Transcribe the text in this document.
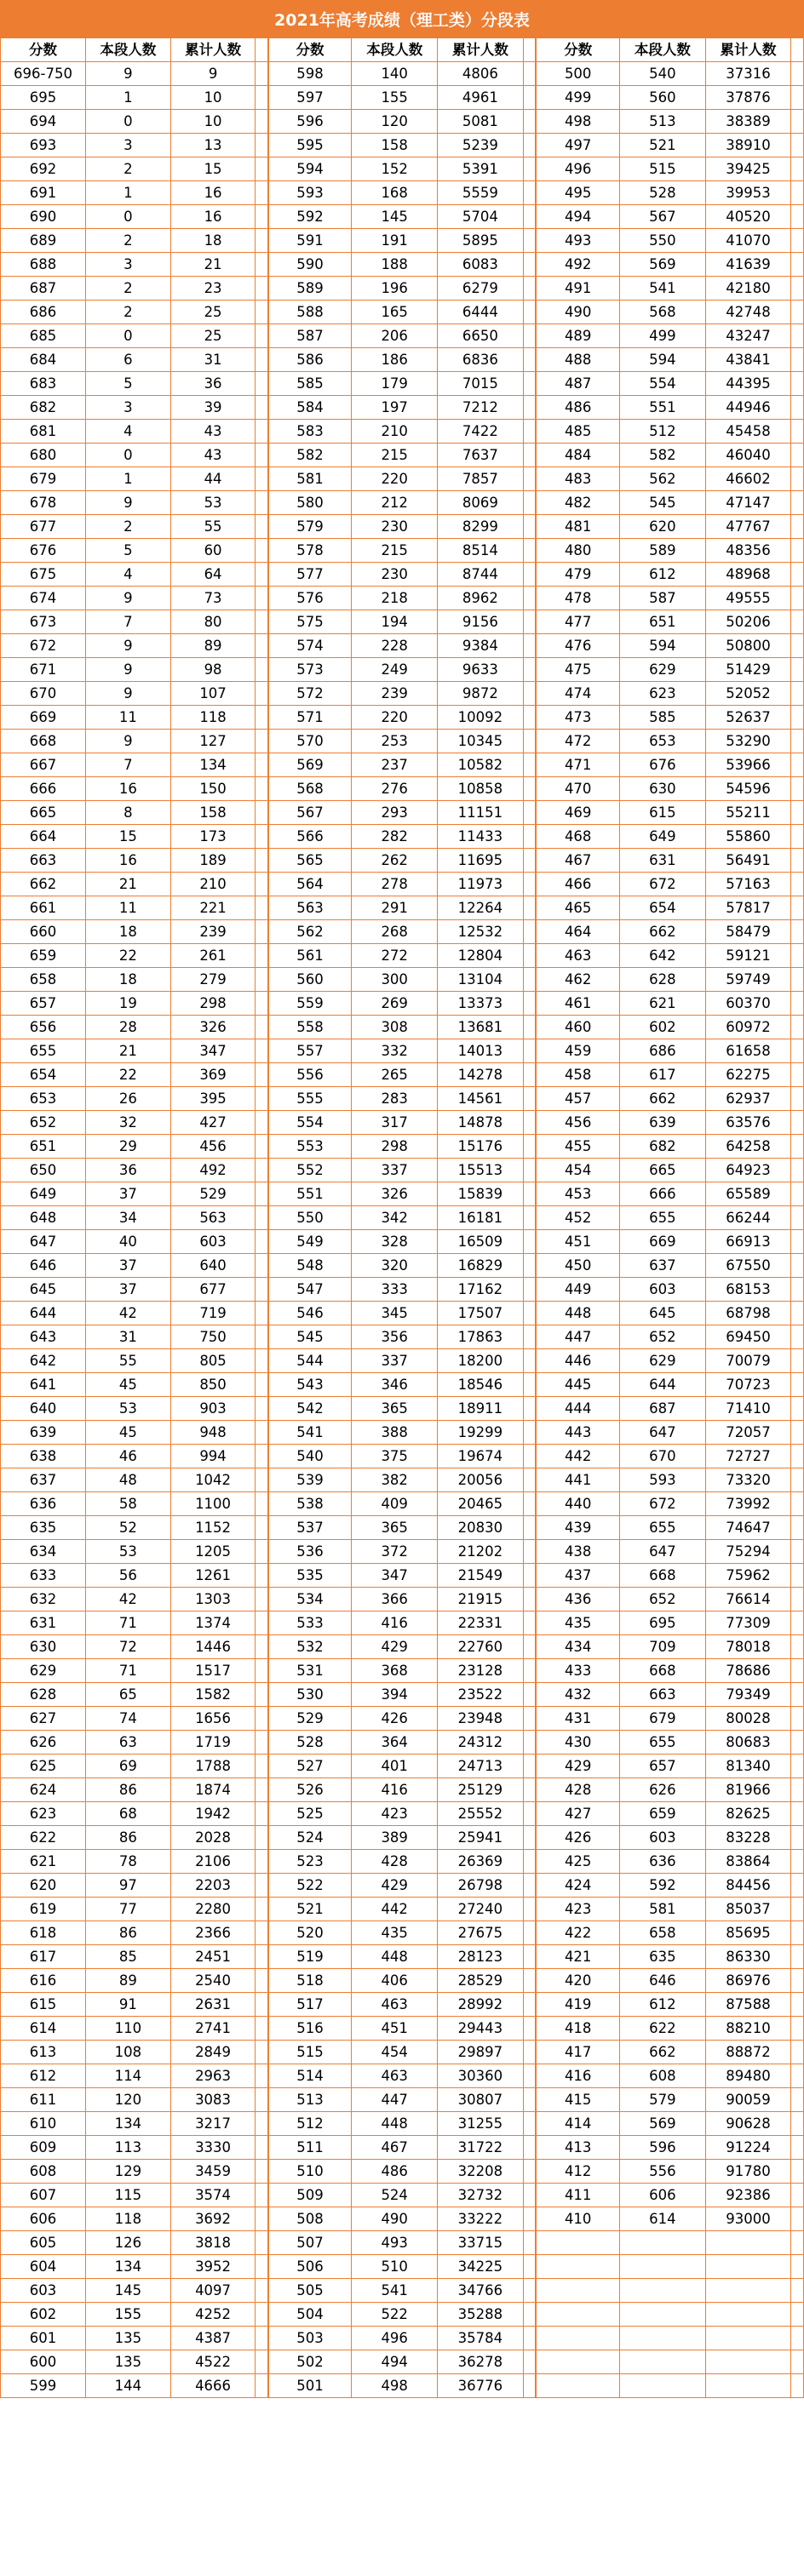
2021年高考成绩（理工类）分段表
分数	本段人数	累计人数	
696-750	9	9	
695	1	10	
694	0	10	
693	3	13	
692	2	15	
691	1	16	
690	0	16	
689	2	18	
688	3	21	
687	2	23	
686	2	25	
685	0	25	
684	6	31	
683	5	36	
682	3	39	
681	4	43	
680	0	43	
679	1	44	
678	9	53	
677	2	55	
676	5	60	
675	4	64	
674	9	73	
673	7	80	
672	9	89	
671	9	98	
670	9	107	
669	11	118	
668	9	127	
667	7	134	
666	16	150	
665	8	158	
664	15	173	
663	16	189	
662	21	210	
661	11	221	
660	18	239	
659	22	261	
658	18	279	
657	19	298	
656	28	326	
655	21	347	
654	22	369	
653	26	395	
652	32	427	
651	29	456	
650	36	492	
649	37	529	
648	34	563	
647	40	603	
646	37	640	
645	37	677	
644	42	719	
643	31	750	
642	55	805	
641	45	850	
640	53	903	
639	45	948	
638	46	994	
637	48	1042	
636	58	1100	
635	52	1152	
634	53	1205	
633	56	1261	
632	42	1303	
631	71	1374	
630	72	1446	
629	71	1517	
628	65	1582	
627	74	1656	
626	63	1719	
625	69	1788	
624	86	1874	
623	68	1942	
622	86	2028	
621	78	2106	
620	97	2203	
619	77	2280	
618	86	2366	
617	85	2451	
616	89	2540	
615	91	2631	
614	110	2741	
613	108	2849	
612	114	2963	
611	120	3083	
610	134	3217	
609	113	3330	
608	129	3459	
607	115	3574	
606	118	3692	
605	126	3818	
604	134	3952	
603	145	4097	
602	155	4252	
601	135	4387	
600	135	4522	
599	144	4666	
分数	本段人数	累计人数	
598	140	4806	
597	155	4961	
596	120	5081	
595	158	5239	
594	152	5391	
593	168	5559	
592	145	5704	
591	191	5895	
590	188	6083	
589	196	6279	
588	165	6444	
587	206	6650	
586	186	6836	
585	179	7015	
584	197	7212	
583	210	7422	
582	215	7637	
581	220	7857	
580	212	8069	
579	230	8299	
578	215	8514	
577	230	8744	
576	218	8962	
575	194	9156	
574	228	9384	
573	249	9633	
572	239	9872	
571	220	10092	
570	253	10345	
569	237	10582	
568	276	10858	
567	293	11151	
566	282	11433	
565	262	11695	
564	278	11973	
563	291	12264	
562	268	12532	
561	272	12804	
560	300	13104	
559	269	13373	
558	308	13681	
557	332	14013	
556	265	14278	
555	283	14561	
554	317	14878	
553	298	15176	
552	337	15513	
551	326	15839	
550	342	16181	
549	328	16509	
548	320	16829	
547	333	17162	
546	345	17507	
545	356	17863	
544	337	18200	
543	346	18546	
542	365	18911	
541	388	19299	
540	375	19674	
539	382	20056	
538	409	20465	
537	365	20830	
536	372	21202	
535	347	21549	
534	366	21915	
533	416	22331	
532	429	22760	
531	368	23128	
530	394	23522	
529	426	23948	
528	364	24312	
527	401	24713	
526	416	25129	
525	423	25552	
524	389	25941	
523	428	26369	
522	429	26798	
521	442	27240	
520	435	27675	
519	448	28123	
518	406	28529	
517	463	28992	
516	451	29443	
515	454	29897	
514	463	30360	
513	447	30807	
512	448	31255	
511	467	31722	
510	486	32208	
509	524	32732	
508	490	33222	
507	493	33715	
506	510	34225	
505	541	34766	
504	522	35288	
503	496	35784	
502	494	36278	
501	498	36776	
分数	本段人数	累计人数	
500	540	37316	
499	560	37876	
498	513	38389	
497	521	38910	
496	515	39425	
495	528	39953	
494	567	40520	
493	550	41070	
492	569	41639	
491	541	42180	
490	568	42748	
489	499	43247	
488	594	43841	
487	554	44395	
486	551	44946	
485	512	45458	
484	582	46040	
483	562	46602	
482	545	47147	
481	620	47767	
480	589	48356	
479	612	48968	
478	587	49555	
477	651	50206	
476	594	50800	
475	629	51429	
474	623	52052	
473	585	52637	
472	653	53290	
471	676	53966	
470	630	54596	
469	615	55211	
468	649	55860	
467	631	56491	
466	672	57163	
465	654	57817	
464	662	58479	
463	642	59121	
462	628	59749	
461	621	60370	
460	602	60972	
459	686	61658	
458	617	62275	
457	662	62937	
456	639	63576	
455	682	64258	
454	665	64923	
453	666	65589	
452	655	66244	
451	669	66913	
450	637	67550	
449	603	68153	
448	645	68798	
447	652	69450	
446	629	70079	
445	644	70723	
444	687	71410	
443	647	72057	
442	670	72727	
441	593	73320	
440	672	73992	
439	655	74647	
438	647	75294	
437	668	75962	
436	652	76614	
435	695	77309	
434	709	78018	
433	668	78686	
432	663	79349	
431	679	80028	
430	655	80683	
429	657	81340	
428	626	81966	
427	659	82625	
426	603	83228	
425	636	83864	
424	592	84456	
423	581	85037	
422	658	85695	
421	635	86330	
420	646	86976	
419	612	87588	
418	622	88210	
417	662	88872	
416	608	89480	
415	579	90059	
414	569	90628	
413	596	91224	
412	556	91780	
411	606	92386	
410	614	93000	
